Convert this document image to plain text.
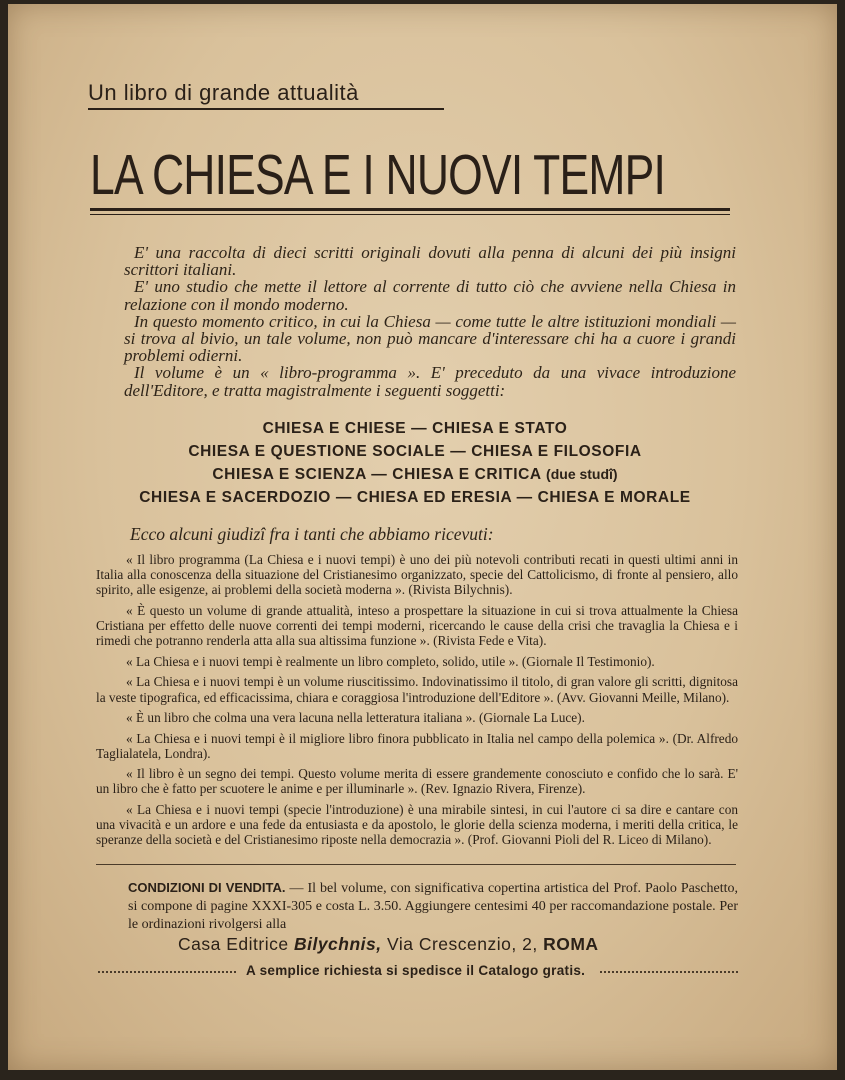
Un libro di grande attualità
LA CHIESA E I NUOVI TEMPI

E' una raccolta di dieci scritti originali dovuti alla penna di alcuni dei più insigni scrittori italiani.

E' uno studio che mette il lettore al corrente di tutto ciò che avviene nella Chiesa in relazione con il mondo moderno.

In questo momento critico, in cui la Chiesa — come tutte le altre istituzioni mondiali — si trova al bivio, un tale volume, non può mancare d'interessare chi ha a cuore i grandi problemi odierni.

Il volume è un « libro-programma ». E' preceduto da una vivace introduzione dell'Editore, e tratta magistralmente i seguenti soggetti:

CHIESA E CHIESE — CHIESA E STATO
CHIESA E QUESTIONE SOCIALE — CHIESA E FILOSOFIA
CHIESA E SCIENZA — CHIESA E CRITICA (due studî)
CHIESA E SACERDOZIO — CHIESA ED ERESIA — CHIESA E MORALE
Ecco alcuni giudizî fra i tanti che abbiamo ricevuti:

« Il libro programma (La Chiesa e i nuovi tempi) è uno dei più notevoli contributi recati in questi ultimi anni in Italia alla conoscenza della situazione del Cristianesimo organizzato, specie del Cattolicismo, di fronte al pensiero, allo spirito, alle esigenze, ai problemi della società moderna ». (Rivista Bilychnis).

« È questo un volume di grande attualità, inteso a prospettare la situazione in cui si trova attualmente la Chiesa Cristiana per effetto delle nuove correnti dei tempi moderni, ricercando le cause della crisi che travaglia la Chiesa e i rimedi che potranno renderla atta alla sua altissima funzione ». (Rivista Fede e Vita).

« La Chiesa e i nuovi tempi è realmente un libro completo, solido, utile ». (Giornale Il Testimonio).

« La Chiesa e i nuovi tempi è un volume riuscitissimo. Indovinatissimo il titolo, di gran valore gli scritti, dignitosa la veste tipografica, ed efficacissima, chiara e coraggiosa l'introduzione dell'Editore ». (Avv. Giovanni Meille, Milano).

« È un libro che colma una vera lacuna nella letteratura italiana ». (Giornale La Luce).

« La Chiesa e i nuovi tempi è il migliore libro finora pubblicato in Italia nel campo della polemica ». (Dr. Alfredo Taglialatela, Londra).

« Il libro è un segno dei tempi. Questo volume merita di essere grandemente conosciuto e confido che lo sarà. E' un libro che è fatto per scuotere le anime e per illuminarle ». (Rev. Ignazio Rivera, Firenze).

« La Chiesa e i nuovi tempi (specie l'introduzione) è una mirabile sintesi, in cui l'autore ci sa dire e cantare con una vivacità e un ardore e una fede da entusiasta e da apostolo, le glorie della scienza moderna, i meriti della critica, le speranze della società e del Cristianesimo riposte nella democrazia ». (Prof. Giovanni Pioli del R. Liceo di Milano).

CONDIZIONI DI VENDITA. — Il bel volume, con significativa copertina artistica del Prof. Paolo Paschetto, si compone di pagine XXXI-305 e costa L. 3.50. Aggiungere centesimi 40 per raccomandazione postale. Per le ordinazioni rivolgersi alla
Casa Editrice Bilychnis, Via Crescenzio, 2, ROMA
A semplice richiesta si spedisce il Catalogo gratis.
